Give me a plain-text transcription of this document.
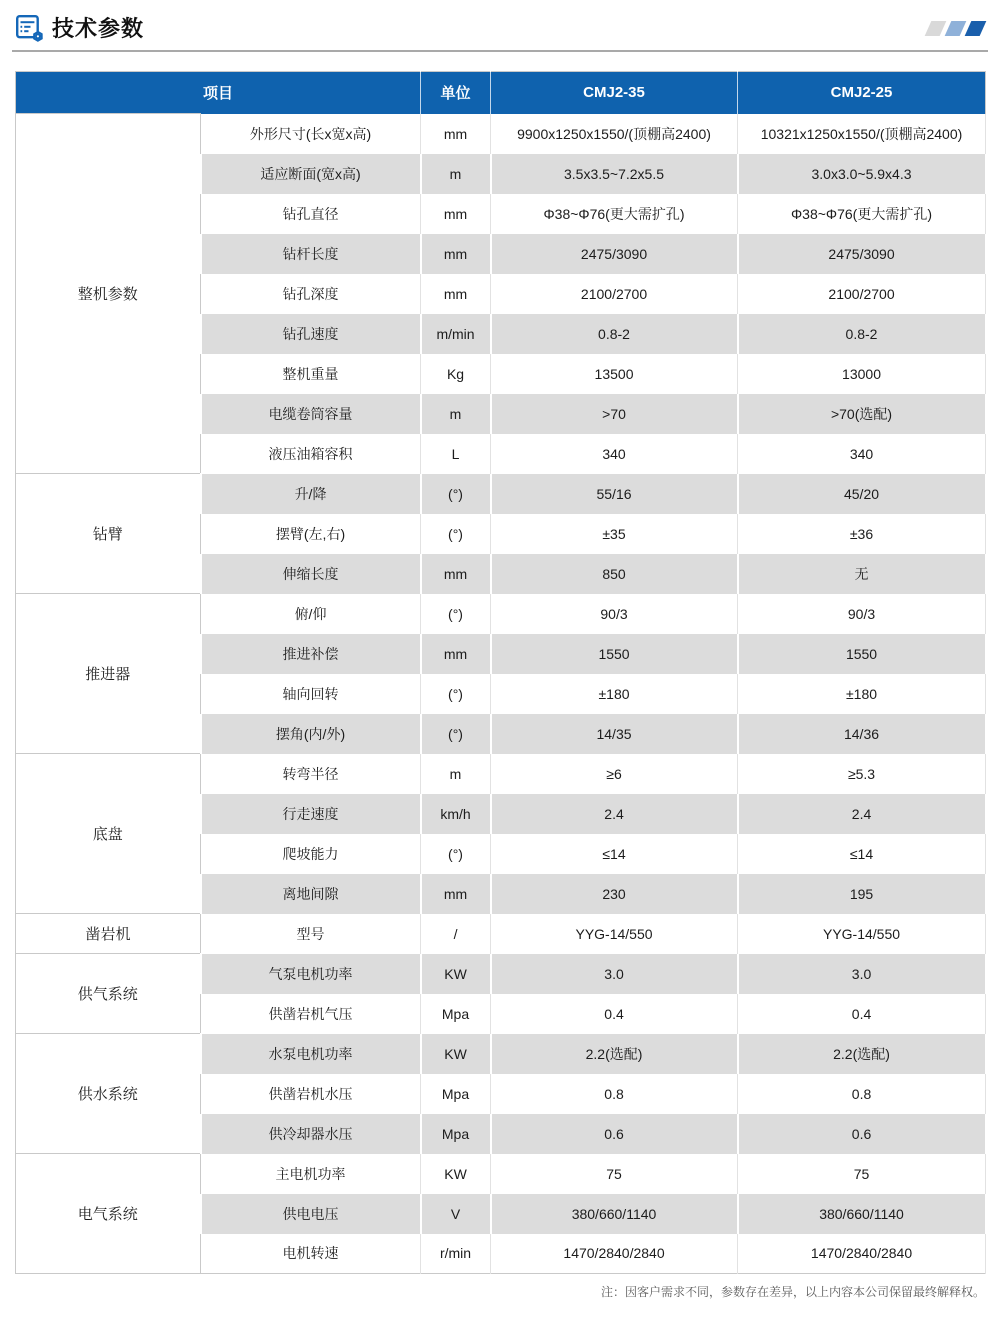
技术参数
项目		单位	CMJ2-35	CMJ2-25
整机参数	外形尺寸(长x宽x高)	mm	9900x1250x1550/(顶棚高2400)	10321x1250x1550/(顶棚高2400)
	适应断面(宽x高)	m	3.5x3.5~7.2x5.5	3.0x3.0~5.9x4.3
	钻孔直径	mm	Φ38~Φ76(更大需扩孔)	Φ38~Φ76(更大需扩孔)
	钻杆长度	mm	2475/3090	2475/3090
	钻孔深度	mm	2100/2700	2100/2700
	钻孔速度	m/min	0.8-2	0.8-2
	整机重量	Kg	13500	13000
	电缆卷筒容量	m	>70	>70(选配)
	液压油箱容积	L	340	340
钻臂	升/降	(°)	55/16	45/20
	摆臂(左,右)	(°)	±35	±36
	伸缩长度	mm	850	无
推进器	俯/仰	(°)	90/3	90/3
	推进补偿	mm	1550	1550
	轴向回转	(°)	±180	±180
	摆角(内/外)	(°)	14/35	14/36
底盘	转弯半径	m	≥6	≥5.3
	行走速度	km/h	2.4	2.4
	爬坡能力	(°)	≤14	≤14
	离地间隙	mm	230	195
凿岩机	型号	/	YYG-14/550	YYG-14/550
供气系统	气泵电机功率	KW	3.0	3.0
	供凿岩机气压	Mpa	0.4	0.4
供水系统	水泵电机功率	KW	2.2(选配)	2.2(选配)
	供凿岩机水压	Mpa	0.8	0.8
	供冷却器水压	Mpa	0.6	0.6
电气系统	主电机功率	KW	75	75
	供电电压	V	380/660/1140	380/660/1140
	电机转速	r/min	1470/2840/2840	1470/2840/2840
注：因客户需求不同，参数存在差异，以上内容本公司保留最终解释权。
